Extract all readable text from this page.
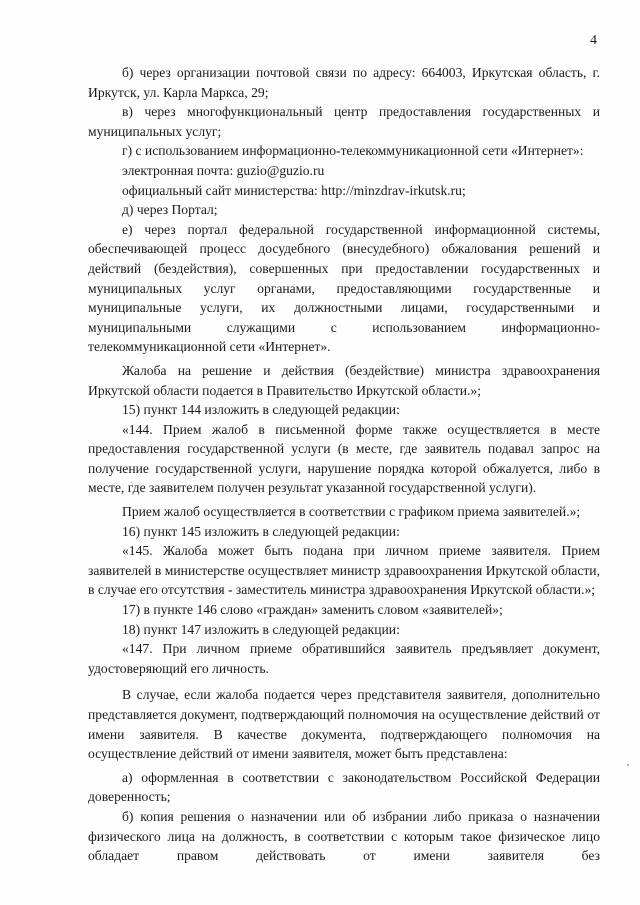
4

б) через организации почтовой связи по адресу: 664003, Иркутская область, г. Иркутск, ул. Карла Маркса, 29;

в) через многофункциональный центр предоставления государственных и муниципальных услуг;

г) с использованием информационно-телекоммуникационной сети «Интернет»:

электронная почта: guzio@guzio.ru

официальный сайт министерства: http://minzdrav-irkutsk.ru;

д) через Портал;

е) через портал федеральной государственной информационной системы, обеспечивающей процесс досудебного (внесудебного) обжалования решений и действий (бездействия), совершенных при предоставлении государственных и муниципальных услуг органами, предоставляющими государственные и муниципальные услуги, их должностными лицами, государственными и муниципальными служащими с использованием информационно-телекоммуникационной сети «Интернет».

Жалоба на решение и действия (бездействие) министра здравоохранения Иркутской области подается в Правительство Иркутской области.»;

15) пункт 144 изложить в следующей редакции:

«144. Прием жалоб в письменной форме также осуществляется в месте предоставления государственной услуги (в месте, где заявитель подавал запрос на получение государственной услуги, нарушение порядка которой обжалуется, либо в месте, где заявителем получен результат указанной государственной услуги).

Прием жалоб осуществляется в соответствии с графиком приема заявителей.»;

16) пункт 145 изложить в следующей редакции:

«145. Жалоба может быть подана при личном приеме заявителя. Прием заявителей в министерстве осуществляет министр здравоохранения Иркутской области, в случае его отсутствия - заместитель министра здравоохранения Иркутской области.»;

17) в пункте 146 слово «граждан» заменить словом «заявителей»;

18) пункт 147 изложить в следующей редакции:

«147. При личном приеме обратившийся заявитель предъявляет документ, удостоверяющий его личность.

В случае, если жалоба подается через представителя заявителя, дополнительно представляется документ, подтверждающий полномочия на осуществление действий от имени заявителя. В качестве документа, подтверждающего полномочия на осуществление действий от имени заявителя, может быть представлена:

а) оформленная в соответствии с законодательством Российской Федерации доверенность;

б) копия решения о назначении или об избрании либо приказа о назначении физического лица на должность, в соответствии с которым такое физическое лицо обладает правом действовать от имени заявителя без
